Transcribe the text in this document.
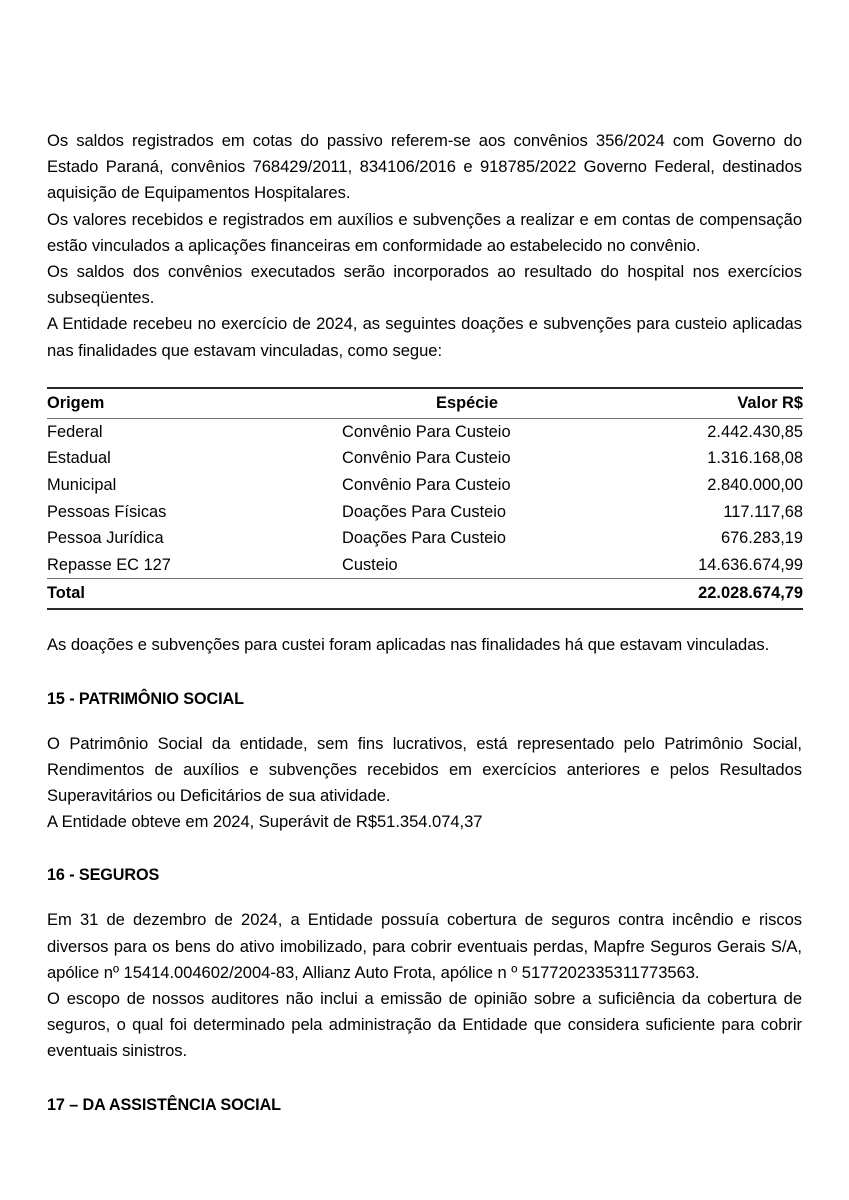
Os saldos registrados em cotas do passivo referem-se aos convênios 356/2024 com Governo do Estado Paraná, convênios 768429/2011, 834106/2016 e 918785/2022 Governo Federal, destinados aquisição de Equipamentos Hospitalares.

Os valores recebidos e registrados em auxílios e subvenções a realizar e em contas de compensação estão vinculados a aplicações financeiras em conformidade ao estabelecido no convênio.

Os saldos dos convênios executados serão incorporados ao resultado do hospital nos exercícios subseqüentes.

A Entidade recebeu no exercício de 2024, as seguintes doações e subvenções para custeio aplicadas nas finalidades que estavam vinculadas, como segue:

Origem	Espécie	Valor R$
Federal	Convênio Para Custeio	2.442.430,85
Estadual	Convênio Para Custeio	1.316.168,08
Municipal	Convênio Para Custeio	2.840.000,00
Pessoas Físicas	Doações Para Custeio	117.117,68
Pessoa Jurídica	Doações Para Custeio	676.283,19
Repasse EC 127	Custeio	14.636.674,99
Total		22.028.674,79

As doações e subvenções para custei foram aplicadas nas finalidades há que estavam vinculadas.

15 - PATRIMÔNIO SOCIAL

O Patrimônio Social da entidade, sem fins lucrativos, está representado pelo Patrimônio Social, Rendimentos de auxílios e subvenções recebidos em exercícios anteriores e pelos Resultados Superavitários ou Deficitários de sua atividade.

A Entidade obteve em 2024, Superávit de R$51.354.074,37

16 - SEGUROS

Em 31 de dezembro de 2024, a Entidade possuía cobertura de seguros contra incêndio e riscos diversos para os bens do ativo imobilizado, para cobrir eventuais perdas, Mapfre Seguros Gerais S/A, apólice nº 15414.004602/2004-83, Allianz Auto Frota, apólice n º 5177202335311773563.

O escopo de nossos auditores não inclui a emissão de opinião sobre a suficiência da cobertura de seguros, o qual foi determinado pela administração da Entidade que considera suficiente para cobrir eventuais sinistros.

17 – DA ASSISTÊNCIA SOCIAL
